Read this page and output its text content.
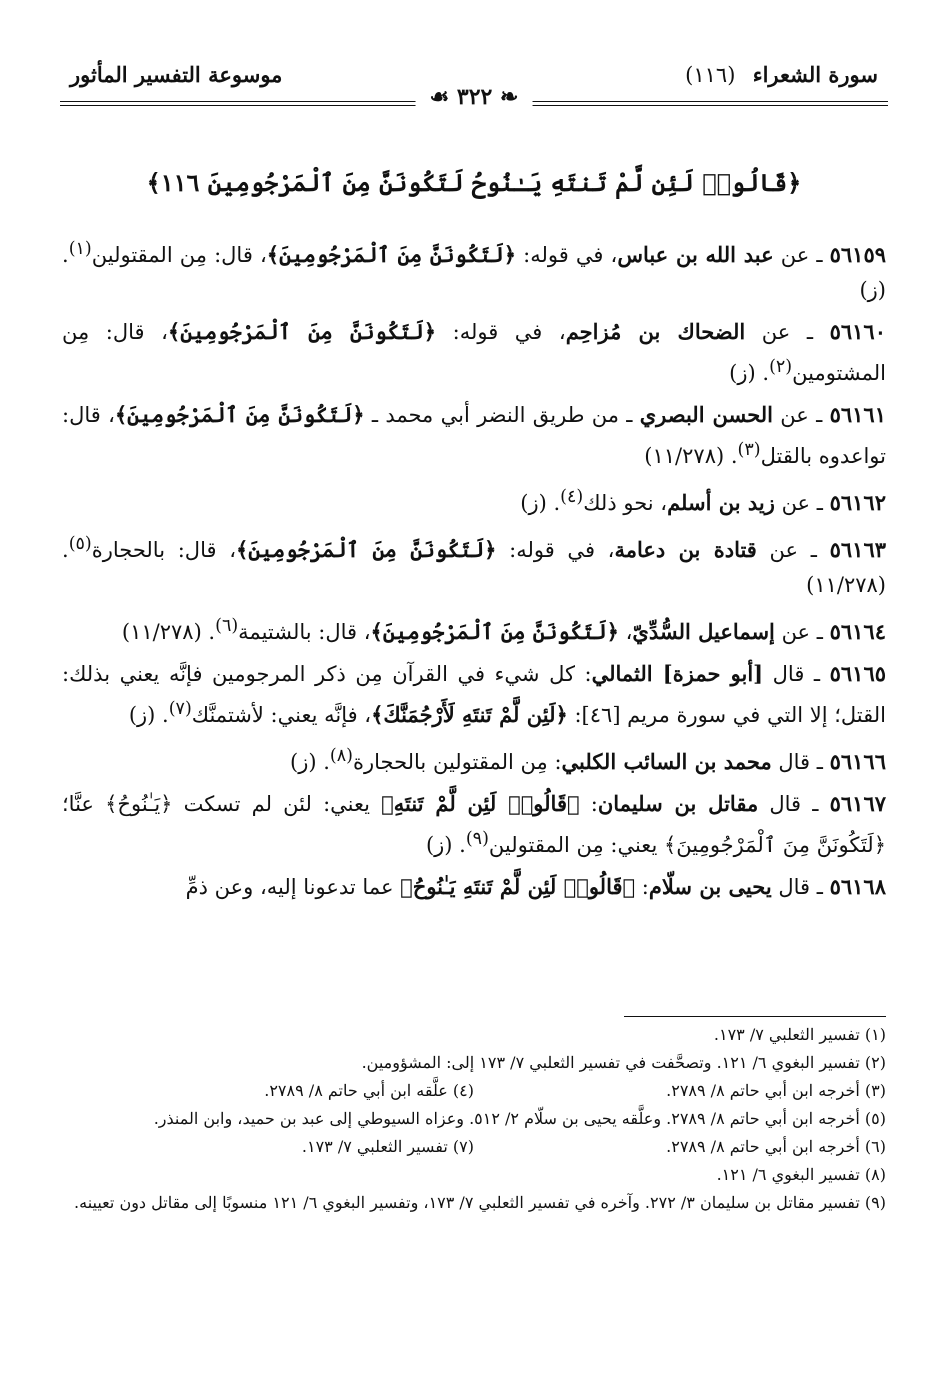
سورة الشعراء (١١٦)
موسوعة التفسير المأثور
❧ ٣٢٢ ☙
﴿قَالُوا۟ لَئِن لَّمْ تَنتَهِ يَـٰنُوحُ لَتَكُونَنَّ مِنَ ٱلْمَرْجُومِينَ ١١٦﴾
٥٦١٥٩ ـ عن عبد الله بن عباس، في قوله: ﴿لَتَكُونَنَّ مِنَ ٱلْمَرْجُومِينَ﴾، قال: مِن المقتولين$^{(١)}$. (ز)
٥٦١٦٠ ـ عن الضحاك بن مُزاحِم، في قوله: ﴿لَتَكُونَنَّ مِنَ ٱلْمَرْجُومِينَ﴾، قال: مِن المشتومين$^{(٢)}$. (ز)
٥٦١٦١ ـ عن الحسن البصري ـ من طريق النضر أبي محمد ـ ﴿لَتَكُونَنَّ مِنَ ٱلْمَرْجُومِينَ﴾، قال: تواعدوه بالقتل$^{(٣)}$. (١١/٢٧٨)
٥٦١٦٢ ـ عن زيد بن أسلم، نحو ذلك$^{(٤)}$. (ز)
٥٦١٦٣ ـ عن قتادة بن دعامة، في قوله: ﴿لَتَكُونَنَّ مِنَ ٱلْمَرْجُومِينَ﴾، قال: بالحجارة$^{(٥)}$. (١١/٢٧٨)
٥٦١٦٤ ـ عن إسماعيل السُّدِّيّ، ﴿لَتَكُونَنَّ مِنَ ٱلْمَرْجُومِينَ﴾، قال: بالشتيمة$^{(٦)}$. (١١/٢٧٨)
٥٦١٦٥ ـ قال [أبو حمزة] الثمالي: كل شيء في القرآن مِن ذكر المرجومين فإنَّه يعني بذلك: القتل؛ إلا التي في سورة مريم [٤٦]: ﴿لَئِن لَّمْ تَنتَهِ لَأَرْجُمَنَّكَ﴾، فإنَّه يعني: لأشتمنَّك$^{(٧)}$. (ز)
٥٦١٦٦ ـ قال محمد بن السائب الكلبي: مِن المقتولين بالحجارة$^{(٨)}$. (ز)
٥٦١٦٧ ـ قال مقاتل بن سليمان: ﴿قَالُوا۟ لَئِن لَّمْ تَنتَهِ﴾ يعني: لئن لم تسكت ﴿يَـٰنُوحُ﴾ عنَّا؛ ﴿لَتَكُونَنَّ مِنَ ٱلْمَرْجُومِينَ﴾ يعني: مِن المقتولين$^{(٩)}$. (ز)
٥٦١٦٨ ـ قال يحيى بن سلّام: ﴿قَالُوا۟ لَئِن لَّمْ تَنتَهِ يَـٰنُوحُ﴾ عما تدعونا إليه، وعن ذمِّ
(١) تفسير الثعلبي ٧/ ١٧٣.
(٢) تفسير البغوي ٦/ ١٢١. وتصحَّفت في تفسير الثعلبي ٧/ ١٧٣ إلى: المشؤومين.
(٣) أخرجه ابن أبي حاتم ٨/ ٢٧٨٩.
(٤) علَّقه ابن أبي حاتم ٨/ ٢٧٨٩.
(٥) أخرجه ابن أبي حاتم ٨/ ٢٧٨٩. وعلَّقه يحيى بن سلّام ٢/ ٥١٢. وعزاه السيوطي إلى عبد بن حميد، وابن المنذر.
(٦) أخرجه ابن أبي حاتم ٨/ ٢٧٨٩.
(٧) تفسير الثعلبي ٧/ ١٧٣.
(٨) تفسير البغوي ٦/ ١٢١.
(٩) تفسير مقاتل بن سليمان ٣/ ٢٧٢. وآخره في تفسير الثعلبي ٧/ ١٧٣، وتفسير البغوي ٦/ ١٢١ منسوبًا إلى مقاتل دون تعيينه.
